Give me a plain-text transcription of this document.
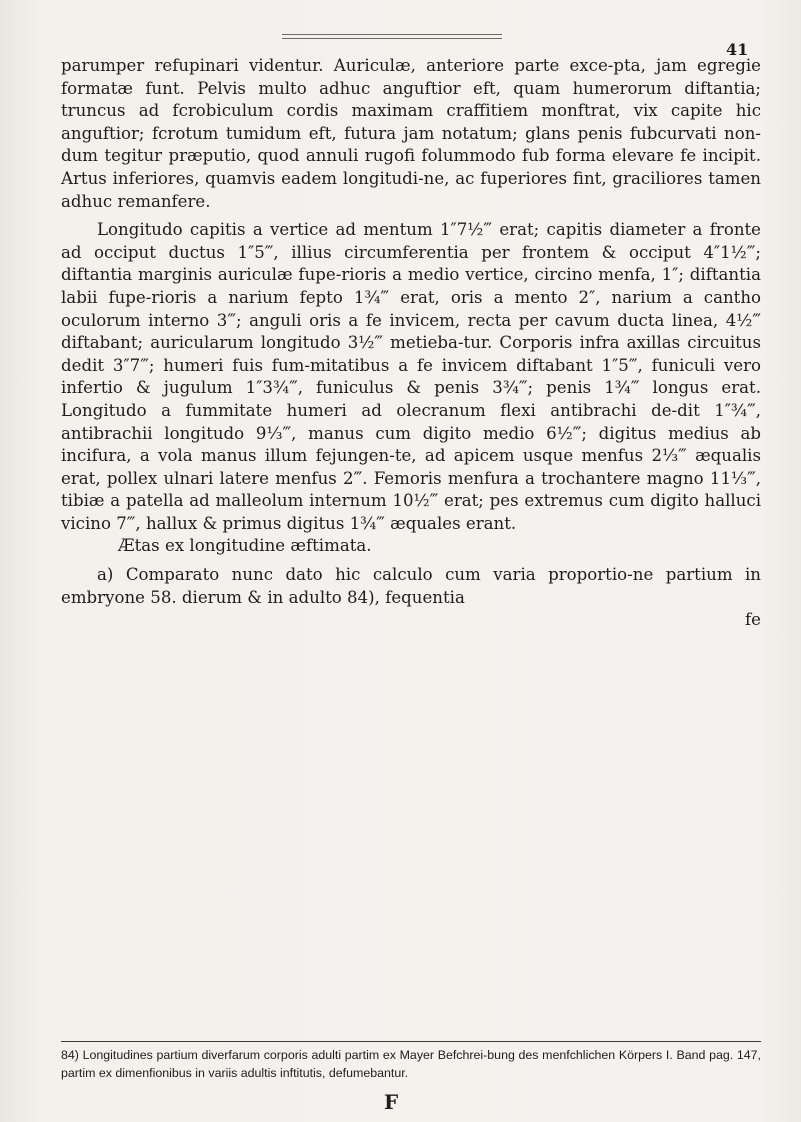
41

parumper refupinari videntur. Auriculæ, anteriore parte exce-pta, jam egregie formatæ funt. Pelvis multo adhuc anguftior eft, quam humerorum diftantia; truncus ad fcrobiculum cordis maximam craffitiem monftrat, vix capite hic anguftior; fcrotum tumidum eft, futura jam notatum; glans penis fubcurvati non-dum tegitur præputio, quod annuli rugofi folummodo fub forma elevare fe incipit. Artus inferiores, quamvis eadem longitudi-ne, ac fuperiores fint, graciliores tamen adhuc remanfere.

Longitudo capitis a vertice ad mentum 1″7½‴ erat; capitis diameter a fronte ad occiput ductus 1″5‴, illius circumferentia per frontem & occiput 4″1½‴; diftantia marginis auriculæ fupe-rioris a medio vertice, circino menfa, 1″; diftantia labii fupe-rioris a narium fepto 1¾‴ erat, oris a mento 2″, narium a cantho oculorum interno 3‴; anguli oris a fe invicem, recta per cavum ducta linea, 4½‴ diftabant; auricularum longitudo 3½‴ metieba-tur. Corporis infra axillas circuitus dedit 3″7‴; humeri fuis fum-mitatibus a fe invicem diftabant 1″5‴, funiculi vero infertio & jugulum 1″3¾‴, funiculus & penis 3¾‴; penis 1¾‴ longus erat. Longitudo a fummitate humeri ad olecranum flexi antibrachi de-dit 1″¾‴, antibrachii longitudo 9⅓‴, manus cum digito medio 6½‴; digitus medius ab incifura, a vola manus illum fejungen-te, ad apicem usque menfus 2⅓‴ æqualis erat, pollex ulnari latere menfus 2‴. Femoris menfura a trochantere magno 11⅓‴, tibiæ a patella ad malleolum internum 10½‴ erat; pes extremus cum digito halluci vicino 7‴, hallux & primus digitus 1¾‴ æquales erant.

Ætas ex longitudine æftimata.

a) Comparato nunc dato hic calculo cum varia proportio-ne partium in embryone 58. dierum & in adulto 84), fequentia

fe

84) Longitudines partium diverfarum corporis adulti partim ex Mayer Befchrei-bung des menfchlichen Körpers I. Band pag. 147, partim ex dimenfionibus in variis adultis inftitutis, defumebantur.
F
